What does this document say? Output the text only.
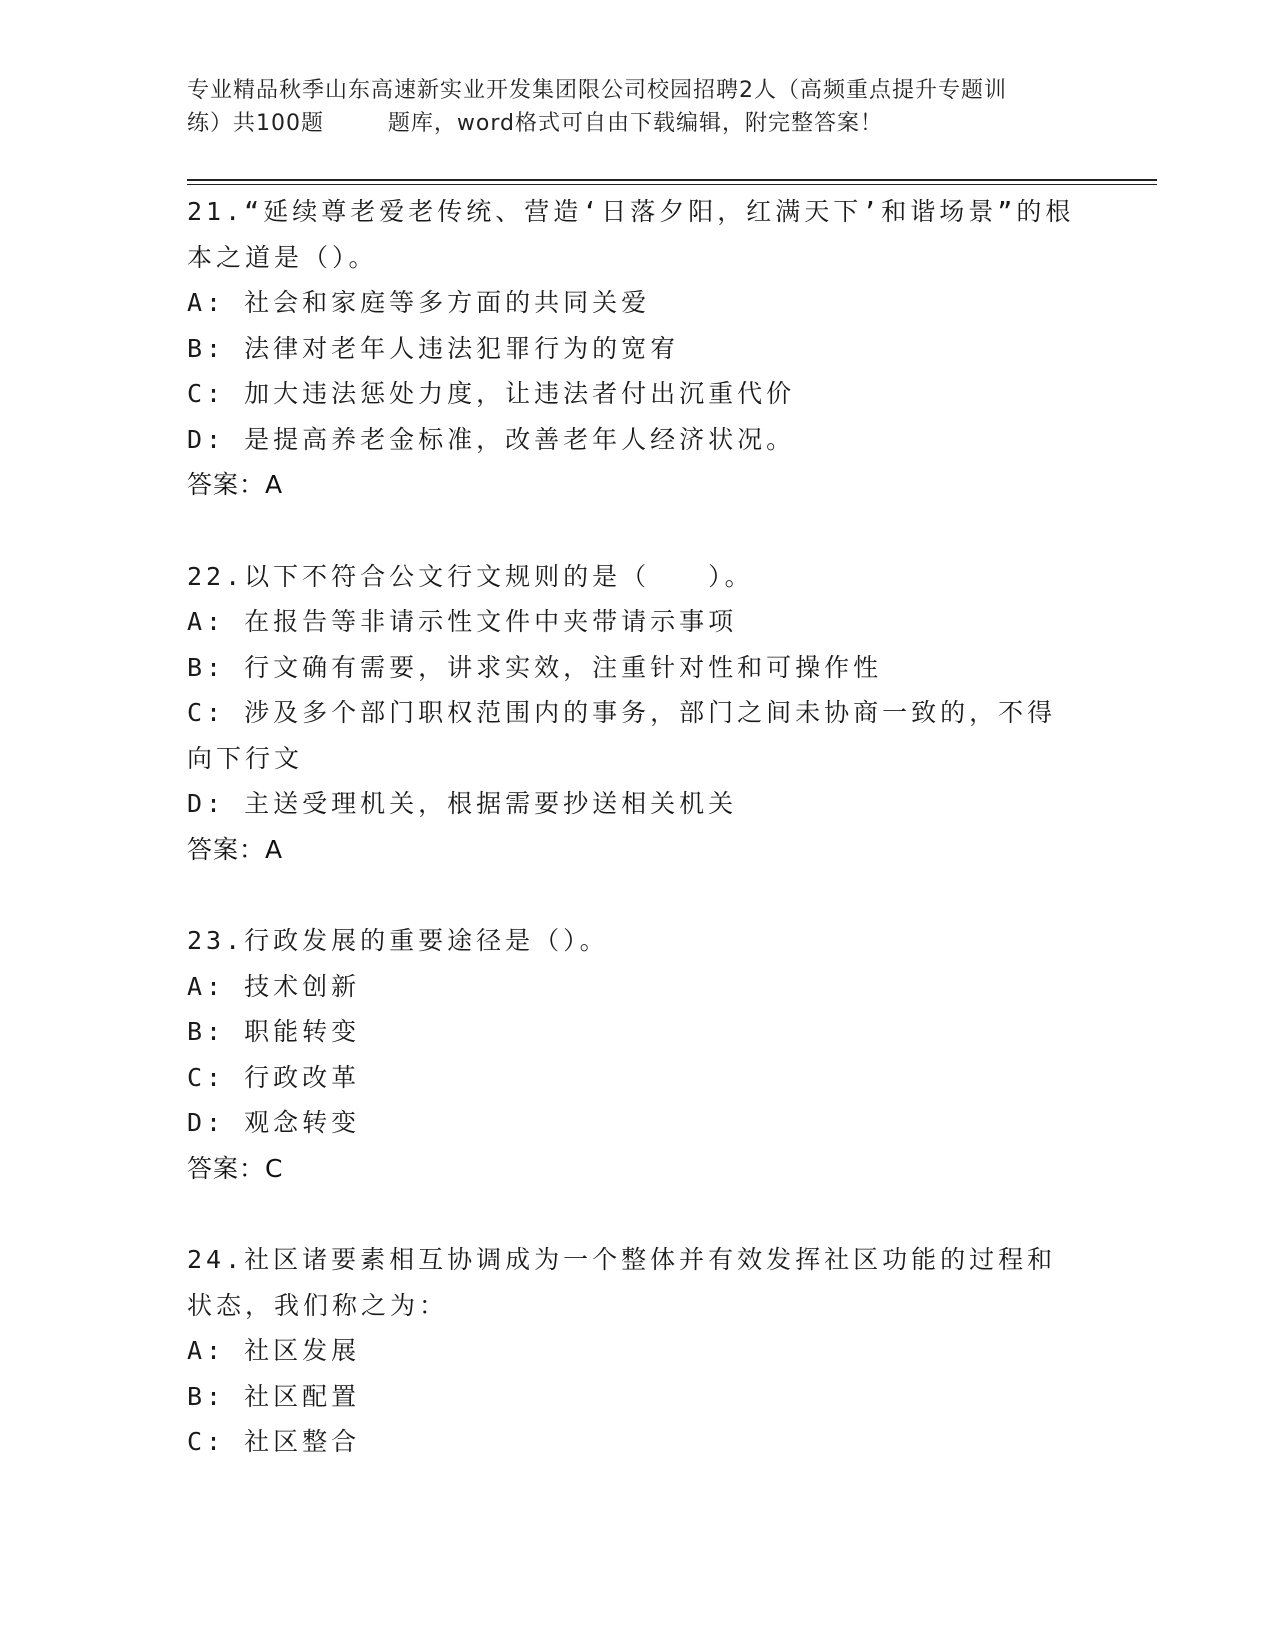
专业精品秋季山东高速新实业开发集团限公司校园招聘2人（高频重点提升专题训
练）共100题        题库，word格式可自由下载编辑，附完整答案！
21.“延续尊老爱老传统、营造‘日落夕阳，红满天下’和谐场景”的根本之道是（）。
A: 社会和家庭等多方面的共同关爱
B: 法律对老年人违法犯罪行为的宽宥
C: 加大违法惩处力度，让违法者付出沉重代价
D: 是提高养老金标准，改善老年人经济状况。
答案：A
22.以下不符合公文行文规则的是（　　）。
A: 在报告等非请示性文件中夹带请示事项
B: 行文确有需要，讲求实效，注重针对性和可操作性
C: 涉及多个部门职权范围内的事务，部门之间未协商一致的，不得向下行文
D: 主送受理机关，根据需要抄送相关机关
答案：A
23.行政发展的重要途径是（）。
A: 技术创新
B: 职能转变
C: 行政改革
D: 观念转变
答案：C
24.社区诸要素相互协调成为一个整体并有效发挥社区功能的过程和状态，我们称之为：
A: 社区发展
B: 社区配置
C: 社区整合
